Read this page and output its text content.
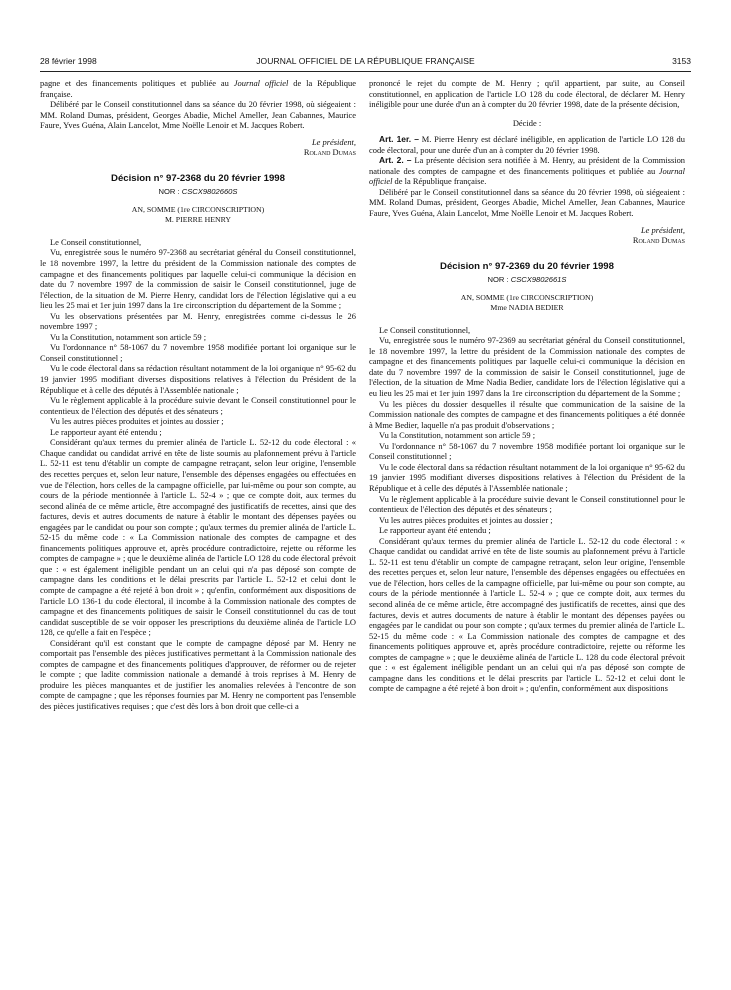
28 février 1998	JOURNAL OFFICIEL DE LA RÉPUBLIQUE FRANÇAISE	3153

pagne et des financements politiques et publiée au Journal officiel de la République française.

Délibéré par le Conseil constitutionnel dans sa séance du 20 février 1998, où siégeaient : MM. Roland Dumas, président, Georges Abadie, Michel Ameller, Jean Cabannes, Maurice Faure, Yves Guéna, Alain Lancelot, Mme Noëlle Lenoir et M. Jacques Robert.

Le président,
Roland Dumas
Décision n° 97-2368 du 20 février 1998
NOR : CSCX9802660S
AN, SOMME (1re CIRCONSCRIPTION)
M. PIERRE HENRY

Le Conseil constitutionnel,

Vu, enregistrée sous le numéro 97-2368 au secrétariat général du Conseil constitutionnel, le 18 novembre 1997, la lettre du président de la Commission nationale des comptes de campagne et des financements politiques par laquelle celui-ci communique la décision en date du 7 novembre 1997 de la commission de saisir le Conseil constitutionnel, juge de l'élection, de la situation de M. Pierre Henry, candidat lors de l'élection législative qui a eu lieu les 25 mai et 1er juin 1997 dans la 1re circonscription du département de la Somme ;

Vu les observations présentées par M. Henry, enregistrées comme ci-dessus le 26 novembre 1997 ;

Vu la Constitution, notamment son article 59 ;

Vu l'ordonnance n° 58-1067 du 7 novembre 1958 modifiée portant loi organique sur le Conseil constitutionnel ;

Vu le code électoral dans sa rédaction résultant notamment de la loi organique n° 95-62 du 19 janvier 1995 modifiant diverses dispositions relatives à l'élection du Président de la République et à celle des députés à l'Assemblée nationale ;

Vu le règlement applicable à la procédure suivie devant le Conseil constitutionnel pour le contentieux de l'élection des députés et des sénateurs ;

Vu les autres pièces produites et jointes au dossier ;

Le rapporteur ayant été entendu ;

Considérant qu'aux termes du premier alinéa de l'article L. 52-12 du code électoral : « Chaque candidat ou candidat arrivé en tête de liste soumis au plafonnement prévu à l'article L. 52-11 est tenu d'établir un compte de campagne retraçant, selon leur origine, l'ensemble des recettes perçues et, selon leur nature, l'ensemble des dépenses engagées ou effectuées en vue de l'élection, hors celles de la campagne officielle, par lui-même ou pour son compte, au cours de la période mentionnée à l'article L. 52-4 » ; que ce compte doit, aux termes du second alinéa de ce même article, être accompagné des justificatifs de recettes, ainsi que des factures, devis et autres documents de nature à établir le montant des dépenses payées ou engagées par le candidat ou pour son compte ; qu'aux termes du premier alinéa de l'article L. 52-15 du même code : « La Commission nationale des comptes de campagne et des financements politiques approuve et, après procédure contradictoire, rejette ou réforme les comptes de campagne » ; que le deuxième alinéa de l'article LO 128 du code électoral prévoit que : « est également inéligible pendant un an celui qui n'a pas déposé son compte de campagne dans les conditions et le délai prescrits par l'article L. 52-12 et celui dont le compte de campagne a été rejeté à bon droit » ; qu'enfin, conformément aux dispositions de l'article LO 136-1 du code électoral, il incombe à la Commission nationale des comptes de campagne et des financements politiques de saisir le Conseil constitutionnel du cas de tout candidat susceptible de se voir opposer les prescriptions du deuxième alinéa de l'article LO 128, ce qu'elle a fait en l'espèce ;

Considérant qu'il est constant que le compte de campagne déposé par M. Henry ne comportait pas l'ensemble des pièces justificatives permettant à la Commission nationale des comptes de campagne et des financements politiques d'approuver, de réformer ou de rejeter le compte ; que ladite commission nationale a demandé à trois reprises à M. Henry de produire les pièces manquantes et de justifier les anomalies relevées à l'encontre de son compte de campagne ; que les réponses fournies par M. Henry ne comportent pas l'ensemble des pièces justificatives requises ; que c'est dès lors à bon droit que celle-ci a

prononcé le rejet du compte de M. Henry ; qu'il appartient, par suite, au Conseil constitutionnel, en application de l'article LO 128 du code électoral, de déclarer M. Henry inéligible pour une durée d'un an à compter du 20 février 1998, date de la présente décision,

Décide :

Art. 1er. – M. Pierre Henry est déclaré inéligible, en application de l'article LO 128 du code électoral, pour une durée d'un an à compter du 20 février 1998.

Art. 2. – La présente décision sera notifiée à M. Henry, au président de la Commission nationale des comptes de campagne et des financements politiques et publiée au Journal officiel de la République française.

Délibéré par le Conseil constitutionnel dans sa séance du 20 février 1998, où siégeaient : MM. Roland Dumas, président, Georges Abadie, Michel Ameller, Jean Cabannes, Maurice Faure, Yves Guéna, Alain Lancelot, Mme Noëlle Lenoir et M. Jacques Robert.

Le président,
Roland Dumas
Décision n° 97-2369 du 20 février 1998
NOR : CSCX9802661S
AN, SOMME (1re CIRCONSCRIPTION)
Mme NADIA BEDIER

Le Conseil constitutionnel,

Vu, enregistrée sous le numéro 97-2369 au secrétariat général du Conseil constitutionnel, le 18 novembre 1997, la lettre du président de la Commission nationale des comptes de campagne et des financements politiques par laquelle celui-ci communique la décision en date du 7 novembre 1997 de la commission de saisir le Conseil constitutionnel, juge de l'élection, de la situation de Mme Nadia Bedier, candidate lors de l'élection législative qui a eu lieu les 25 mai et 1er juin 1997 dans la 1re circonscription du département de la Somme ;

Vu les pièces du dossier desquelles il résulte que communication de la saisine de la Commission nationale des comptes de campagne et des financements politiques a été donnée à Mme Bedier, laquelle n'a pas produit d'observations ;

Vu la Constitution, notamment son article 59 ;

Vu l'ordonnance n° 58-1067 du 7 novembre 1958 modifiée portant loi organique sur le Conseil constitutionnel ;

Vu le code électoral dans sa rédaction résultant notamment de la loi organique n° 95-62 du 19 janvier 1995 modifiant diverses dispositions relatives à l'élection du Président de la République et à celle des députés à l'Assemblée nationale ;

Vu le règlement applicable à la procédure suivie devant le Conseil constitutionnel pour le contentieux de l'élection des députés et des sénateurs ;

Vu les autres pièces produites et jointes au dossier ;

Le rapporteur ayant été entendu ;

Considérant qu'aux termes du premier alinéa de l'article L. 52-12 du code électoral : « Chaque candidat ou candidat arrivé en tête de liste soumis au plafonnement prévu à l'article L. 52-11 est tenu d'établir un compte de campagne retraçant, selon leur origine, l'ensemble des recettes perçues et, selon leur nature, l'ensemble des dépenses engagées ou effectuées en vue de l'élection, hors celles de la campagne officielle, par lui-même ou pour son compte, au cours de la période mentionnée à l'article L. 52-4 » ; que ce compte doit, aux termes du second alinéa de ce même article, être accompagné des justificatifs de recettes, ainsi que des factures, devis et autres documents de nature à établir le montant des dépenses payées ou engagées par le candidat ou pour son compte ; qu'aux termes du premier alinéa de l'article L. 52-15 du même code : « La Commission nationale des comptes de campagne et des financements politiques approuve et, après procédure contradictoire, rejette ou réforme les comptes de campagne » ; que le deuxième alinéa de l'article L. 128 du code électoral prévoit que : « est également inéligible pendant un an celui qui n'a pas déposé son compte de campagne dans les conditions et le délai prescrits par l'article L. 52-12 et celui dont le compte de campagne a été rejeté à bon droit » ; qu'enfin, conformément aux dispositions
